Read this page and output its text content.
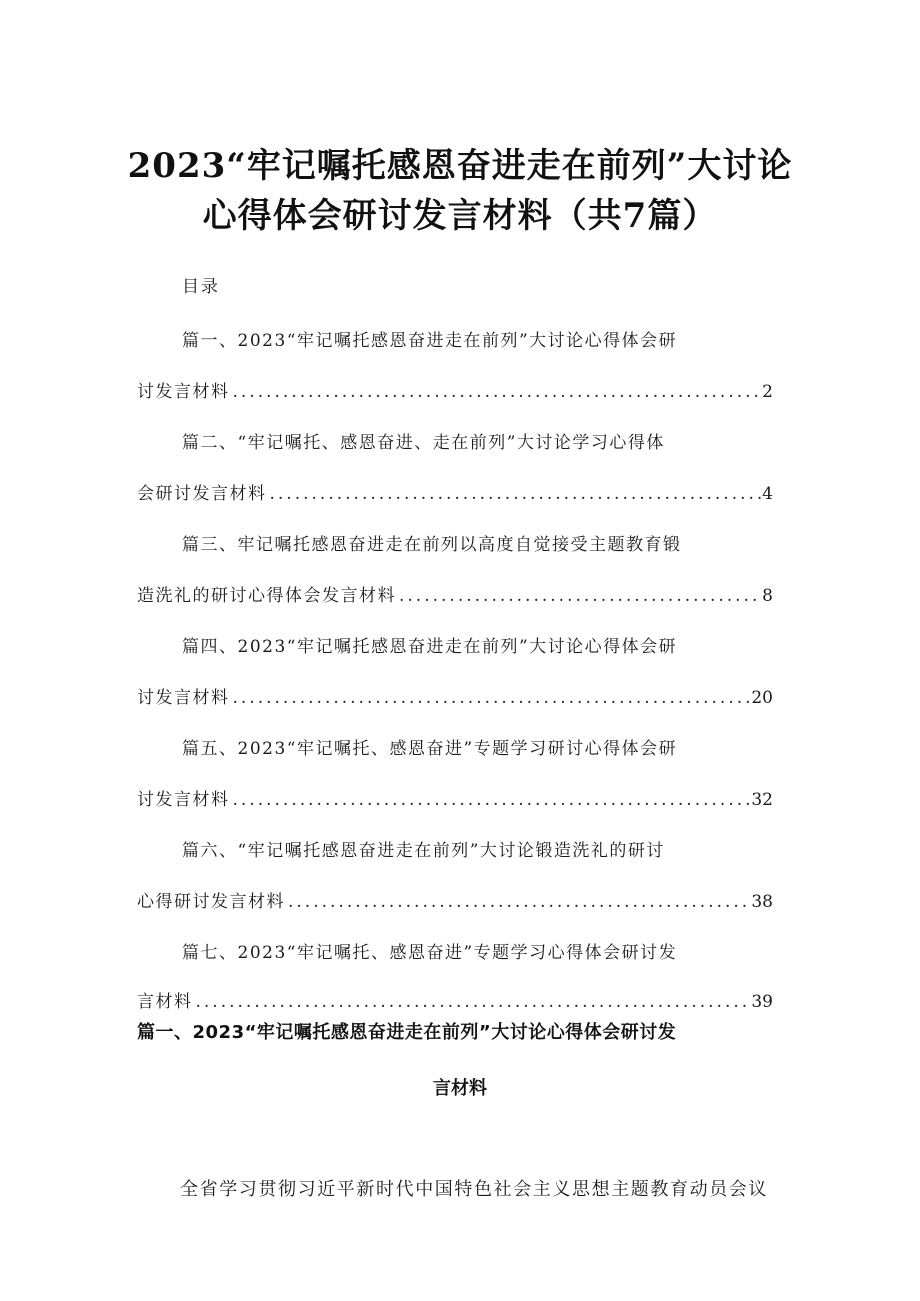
2023“牢记嘱托感恩奋进走在前列”大讨论
心得体会研讨发言材料（共7篇）

目录

篇一、2023“牢记嘱托感恩奋进走在前列”大讨论心得体会研
讨发言材料 .....	2
篇二、“牢记嘱托、感恩奋进、走在前列”大讨论学习心得体
会研讨发言材料 .....	4
篇三、牢记嘱托感恩奋进走在前列以高度自觉接受主题教育锻
造洗礼的研讨心得体会发言材料 .....	8
篇四、2023“牢记嘱托感恩奋进走在前列”大讨论心得体会研
讨发言材料 .....	20
篇五、2023“牢记嘱托、感恩奋进”专题学习研讨心得体会研
讨发言材料 .....	32
篇六、“牢记嘱托感恩奋进走在前列”大讨论锻造洗礼的研讨
心得研讨发言材料 .....	38
篇七、2023“牢记嘱托、感恩奋进”专题学习心得体会研讨发
言材料 .....	39
篇一、2023“牢记嘱托感恩奋进走在前列”大讨论心得体会研讨发
言材料

全省学习贯彻习近平新时代中国特色社会主义思想主题教育动员会议
